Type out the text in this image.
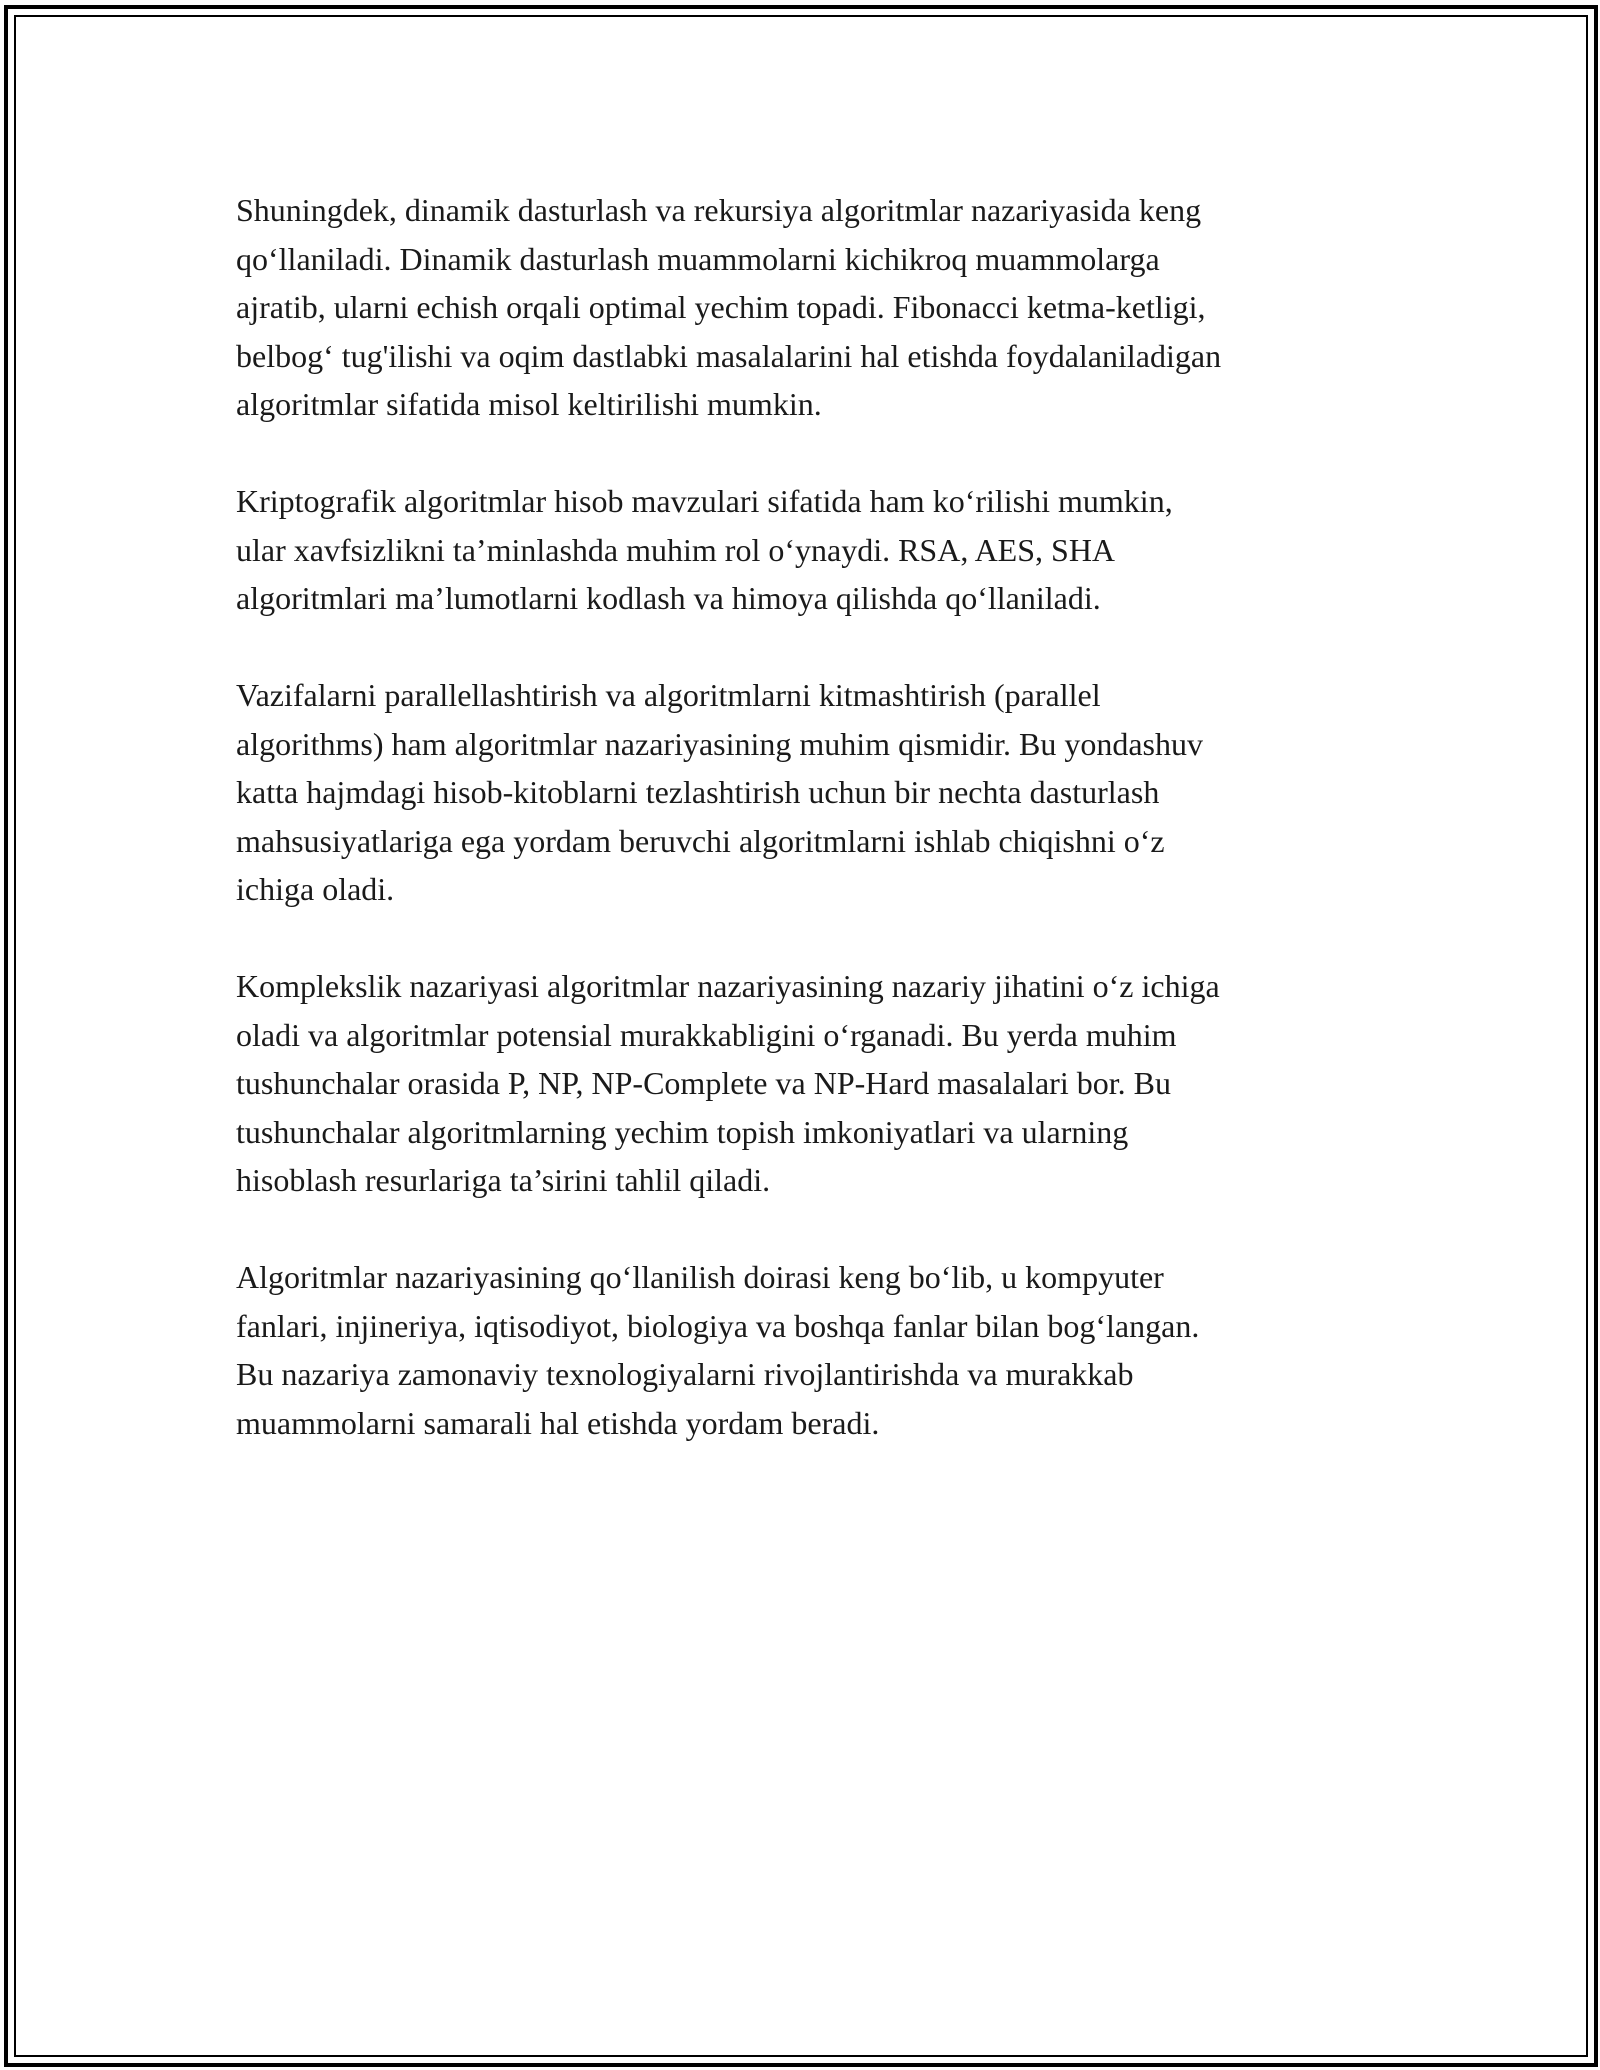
Shuningdek, dinamik dasturlash va rekursiya algoritmlar nazariyasida keng
qo‘llaniladi. Dinamik dasturlash muammolarni kichikroq muammolarga
ajratib, ularni echish orqali optimal yechim topadi. Fibonacci ketma-ketligi,
belbog‘ tug'ilishi va oqim dastlabki masalalarini hal etishda foydalaniladigan
algoritmlar sifatida misol keltirilishi mumkin.

Kriptografik algoritmlar hisob mavzulari sifatida ham ko‘rilishi mumkin,
ular xavfsizlikni ta’minlashda muhim rol o‘ynaydi. RSA, AES, SHA
algoritmlari ma’lumotlarni kodlash va himoya qilishda qo‘llaniladi.

Vazifalarni parallellashtirish va algoritmlarni kitmashtirish (parallel
algorithms) ham algoritmlar nazariyasining muhim qismidir. Bu yondashuv
katta hajmdagi hisob-kitoblarni tezlashtirish uchun bir nechta dasturlash
mahsusiyatlariga ega yordam beruvchi algoritmlarni ishlab chiqishni o‘z
ichiga oladi.

Komplekslik nazariyasi algoritmlar nazariyasining nazariy jihatini o‘z ichiga
oladi va algoritmlar potensial murakkabligini o‘rganadi. Bu yerda muhim
tushunchalar orasida P, NP, NP-Complete va NP-Hard masalalari bor. Bu
tushunchalar algoritmlarning yechim topish imkoniyatlari va ularning
hisoblash resurlariga ta’sirini tahlil qiladi.

Algoritmlar nazariyasining qo‘llanilish doirasi keng bo‘lib, u kompyuter
fanlari, injineriya, iqtisodiyot, biologiya va boshqa fanlar bilan bog‘langan.
Bu nazariya zamonaviy texnologiyalarni rivojlantirishda va murakkab
muammolarni samarali hal etishda yordam beradi.
